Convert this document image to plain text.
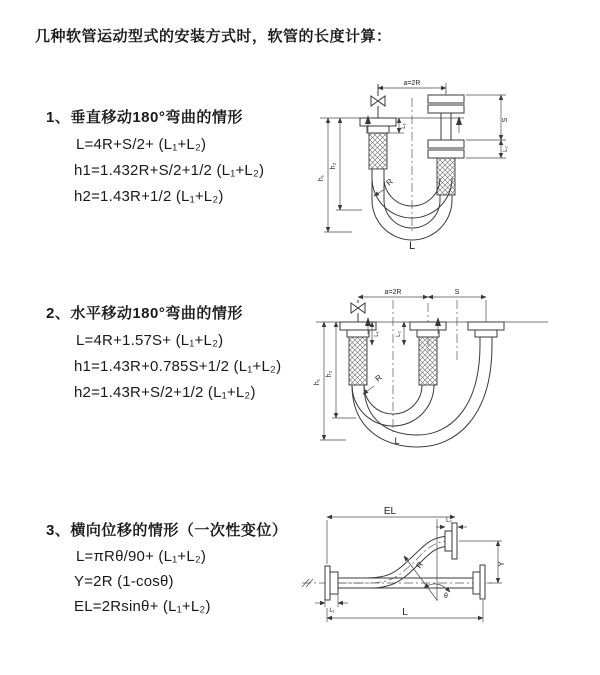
几种软管运动型式的安装方式时，软管的长度计算：
1、垂直移动180°弯曲的情形
L=4R+S/2+ (L₁+L₂)
h1=1.432R+S/2+1/2 (L₁+L₂)
h2=1.43R+1/2 (L₁+L₂)
2、水平移动180°弯曲的情形
L=4R+1.57S+ (L₁+L₂)
h1=1.43R+0.785S+1/2 (L₁+L₂)
h2=1.43R+S/2+1/2 (L₁+L₂)
3、横向位移的情形（一次性变位）
L=πRθ/90+ (L₁+L₂)
Y=2R (1-cosθ)
EL=2Rsinθ+ (L₁+L₂)
a=2R
S
L₂
L₁
h₁
h₂
R
L
a=2R	S
L₁	L₂
h₁
h₂	R
L
EL
L₂
Y
R
θ
L₁	L
